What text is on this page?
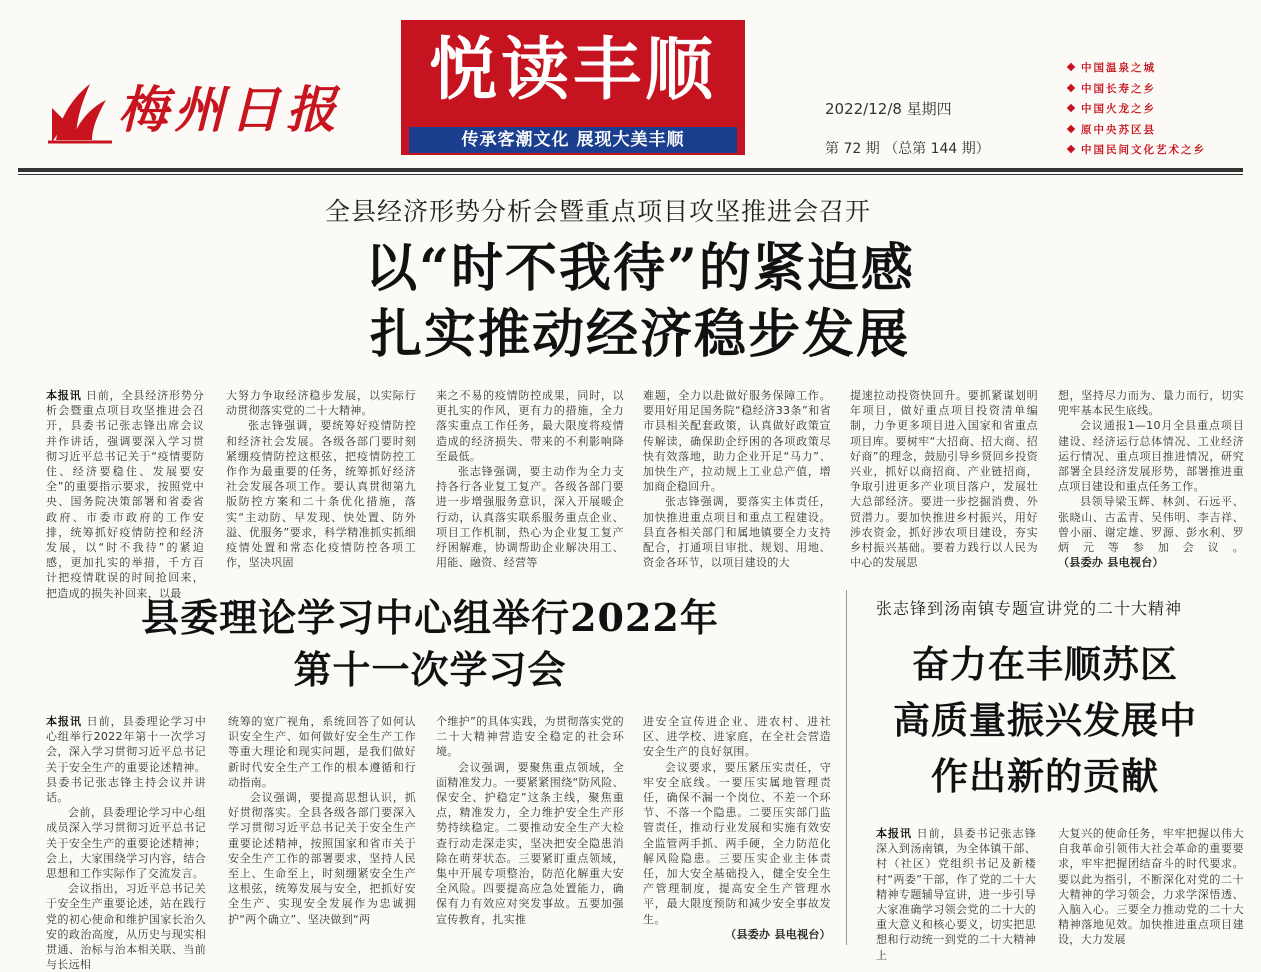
梅州日报	悦读丰顺
传承客潮文化 展现大美丰顺
2022/12/8 星期四
第 72 期 （总第 144 期）
中国温泉之城
中国长寿之乡
中国火龙之乡
原中央苏区县
中国民间文化艺术之乡
全县经济形势分析会暨重点项目攻坚推进会召开
以“时不我待”的紧迫感
扎实推动经济稳步发展
本报讯 日前，全县经济形势分析会暨重点项目攻坚推进会召开，县委书记张志锋出席会议并作讲话，强调要深入学习贯彻习近平总书记关于“疫情要防住、经济要稳住、发展要安全”的重要指示要求，按照党中央、国务院决策部署和省委省政府、市委市政府的工作安排，统筹抓好疫情防控和经济发展，以“时不我待”的紧迫感，更加扎实的举措，千方百计把疫情耽误的时间抢回来，把造成的损失补回来，以最
大努力争取经济稳步发展，以实际行动贯彻落实党的二十大精神。

张志锋强调，要统筹好疫情防控和经济社会发展。各级各部门要时刻紧绷疫情防控这根弦，把疫情防控工作作为最重要的任务，统筹抓好经济社会发展各项工作。要认真贯彻第九版防控方案和二十条优化措施，落实“主动防、早发现、快处置、防外溢、优服务”要求，科学精准抓实抓细疫情处置和常态化疫情防控各项工作，坚决巩固

来之不易的疫情防控成果，同时，以更扎实的作风，更有力的措施，全力落实重点工作任务，最大限度将疫情造成的经济损失、带来的不利影响降至最低。

张志锋强调，要主动作为全力支持各行各业复工复产。各级各部门要进一步增强服务意识，深入开展暖企行动，认真落实联系服务重点企业、项目工作机制，热心为企业复工复产纾困解难，协调帮助企业解决用工、用能、融资、经营等

难题，全力以赴做好服务保障工作。要用好用足国务院“稳经济33条”和省市县相关配套政策，认真做好政策宣传解读，确保助企纾困的各项政策尽快有效落地，助力企业开足“马力”、加快生产，拉动规上工业总产值，增加商企稳回升。

张志锋强调，要落实主体责任，加快推进重点项目和重点工程建设。县直各相关部门和属地镇要全力支持配合，打通项目审批、规划、用地、资金各环节，以项目建设的大

提速拉动投资快回升。要抓紧谋划明年项目，做好重点项目投资清单编制，力争更多项目进入国家和省重点项目库。要树牢“大招商、招大商、招好商”的理念，鼓励引导乡贤回乡投资兴业，抓好以商招商、产业链招商，争取引进更多产业项目落户，发展壮大总部经济。要进一步挖掘消费、外贸潜力。要加快推进乡村振兴，用好涉农资金，抓好涉农项目建设，夯实乡村振兴基础。要着力践行以人民为中心的发展思
想，坚持尽力而为、量力而行，切实兜牢基本民生底线。

会议通报1—10月全县重点项目建设、经济运行总体情况、工业经济运行情况、重点项目推进情况，研究部署全县经济发展形势，部署推进重点项目建设和重点任务工作。

县领导梁玉辉、林剑、石远平、张晓山、古孟青、吴伟明、李吉祥、曾小丽、谢定雄、罗源、彭水利、罗炳元等参加会议。（县委办 县电视台）

县委理论学习中心组举行2022年
第十一次学习会
本报讯 日前，县委理论学习中心组举行2022年第十一次学习会，深入学习贯彻习近平总书记关于安全生产的重要论述精神。县委书记张志锋主持会议并讲话。

会前，县委理论学习中心组成员深入学习贯彻习近平总书记关于安全生产的重要论述精神；会上，大家围绕学习内容，结合思想和工作实际作了交流发言。

会议指出，习近平总书记关于安全生产重要论述，站在践行党的初心使命和维护国家长治久安的政治高度，从历史与现实相贯通、治标与治本相关联、当前与长远相

统筹的宽广视角，系统回答了如何认识安全生产、如何做好安全生产工作等重大理论和现实问题，是我们做好新时代安全生产工作的根本遵循和行动指南。

会议强调，要提高思想认识，抓好贯彻落实。全县各级各部门要深入学习贯彻习近平总书记关于安全生产重要论述精神，按照国家和省市关于安全生产工作的部署要求，坚持人民至上、生命至上，时刻绷紧安全生产这根弦，统筹发展与安全，把抓好安全生产、实现安全发展作为忠诚拥护“两个确立”、坚决做到“两

个维护”的具体实践，为贯彻落实党的二十大精神营造安全稳定的社会环境。

会议强调，要聚焦重点领域，全面精准发力。一要紧紧围绕“防风险、保安全、护稳定”这条主线，聚焦重点，精准发力，全力维护安全生产形势持续稳定。二要推动安全生产大检查行动走深走实，坚决把安全隐患消除在萌芽状态。三要紧盯重点领域，集中开展专项整治，防范化解重大安全风险。四要提高应急处置能力，确保有力有效应对突发事故。五要加强宣传教育，扎实推

进安全宣传进企业、进农村、进社区、进学校、进家庭，在全社会营造安全生产的良好氛围。

会议要求，要压紧压实责任，守牢安全底线。一要压实属地管理责任，确保不漏一个岗位、不差一个环节、不落一个隐患。二要压实部门监管责任，推动行业发展和实施有效安全监管两手抓、两手硬，全力防范化解风险隐患。三要压实企业主体责任，加大安全基础投入，健全安全生产管理制度，提高安全生产管理水平，最大限度预防和减少安全事故发生。

（县委办 县电视台）
张志锋到汤南镇专题宣讲党的二十大精神
奋力在丰顺苏区
高质量振兴发展中
作出新的贡献
本报讯 日前，县委书记张志锋深入到汤南镇，为全体镇干部、村（社区）党组织书记及新楼村“两委”干部，作了党的二十大精神专题辅导宣讲，进一步引导大家准确学习领会党的二十大的重大意义和核心要义，切实把思想和行动统一到党的二十大精神上
大复兴的使命任务，牢牢把握以伟大自我革命引领伟大社会革命的重要要求，牢牢把握团结奋斗的时代要求。要以此为指引，不断深化对党的二十大精神的学习领会，力求学深悟透、入脑入心。三要全力推动党的二十大精神落地见效。加快推进重点项目建设，大力发展
